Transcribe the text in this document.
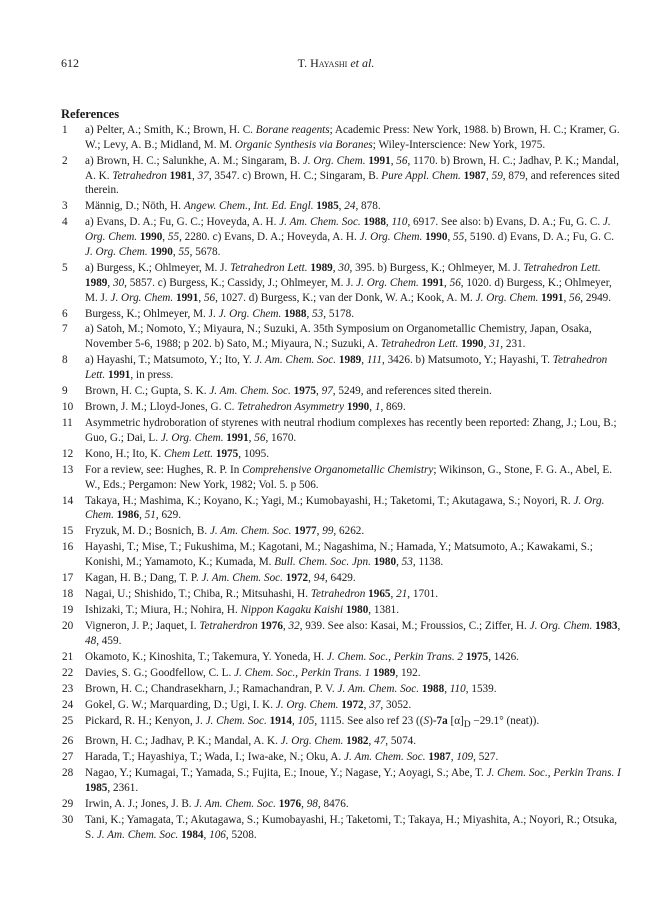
612	T. Hayashi et al.
References
1	a) Pelter, A.; Smith, K.; Brown, H. C. Borane reagents; Academic Press: New York, 1988. b) Brown, H. C.; Kramer, G. W.; Levy, A. B.; Midland, M. M. Organic Synthesis via Boranes; Wiley-Interscience: New York, 1975.
2	a) Brown, H. C.; Salunkhe, A. M.; Singaram, B. J. Org. Chem. 1991, 56, 1170. b) Brown, H. C.; Jadhav, P. K.; Mandal, A. K. Tetrahedron 1981, 37, 3547. c) Brown, H. C.; Singaram, B. Pure Appl. Chem. 1987, 59, 879, and references sited therein.
3	Männig, D.; Nöth, H. Angew. Chem., Int. Ed. Engl. 1985, 24, 878.
4	a) Evans, D. A.; Fu, G. C.; Hoveyda, A. H. J. Am. Chem. Soc. 1988, 110, 6917. See also: b) Evans, D. A.; Fu, G. C. J. Org. Chem. 1990, 55, 2280. c) Evans, D. A.; Hoveyda, A. H. J. Org. Chem. 1990, 55, 5190. d) Evans, D. A.; Fu, G. C. J. Org. Chem. 1990, 55, 5678.
5	a) Burgess, K.; Ohlmeyer, M. J. Tetrahedron Lett. 1989, 30, 395. b) Burgess, K.; Ohlmeyer, M. J. Tetrahedron Lett. 1989, 30, 5857. c) Burgess, K.; Cassidy, J.; Ohlmeyer, M. J. J. Org. Chem. 1991, 56, 1020. d) Burgess, K.; Ohlmeyer, M. J. J. Org. Chem. 1991, 56, 1027. d) Burgess, K.; van der Donk, W. A.; Kook, A. M. J. Org. Chem. 1991, 56, 2949.
6	Burgess, K.; Ohlmeyer, M. J. J. Org. Chem. 1988, 53, 5178.
7	a) Satoh, M.; Nomoto, Y.; Miyaura, N.; Suzuki, A. 35th Symposium on Organometallic Chemistry, Japan, Osaka, November 5-6, 1988; p 202. b) Sato, M.; Miyaura, N.; Suzuki, A. Tetrahedron Lett. 1990, 31, 231.
8	a) Hayashi, T.; Matsumoto, Y.; Ito, Y. J. Am. Chem. Soc. 1989, 111, 3426. b) Matsumoto, Y.; Hayashi, T. Tetrahedron Lett. 1991, in press.
9	Brown, H. C.; Gupta, S. K. J. Am. Chem. Soc. 1975, 97, 5249, and references sited therein.
10	Brown, J. M.; Lloyd-Jones, G. C. Tetrahedron Asymmetry 1990, 1, 869.
11	Asymmetric hydroboration of styrenes with neutral rhodium complexes has recently been reported: Zhang, J.; Lou, B.; Guo, G.; Dai, L. J. Org. Chem. 1991, 56, 1670.
12	Kono, H.; Ito, K. Chem Lett. 1975, 1095.
13	For a review, see: Hughes, R. P. In Comprehensive Organometallic Chemistry; Wikinson, G., Stone, F. G. A., Abel, E. W., Eds.; Pergamon: New York, 1982; Vol. 5. p 506.
14	Takaya, H.; Mashima, K.; Koyano, K.; Yagi, M.; Kumobayashi, H.; Taketomi, T.; Akutagawa, S.; Noyori, R. J. Org. Chem. 1986, 51, 629.
15	Fryzuk, M. D.; Bosnich, B. J. Am. Chem. Soc. 1977, 99, 6262.
16	Hayashi, T.; Mise, T.; Fukushima, M.; Kagotani, M.; Nagashima, N.; Hamada, Y.; Matsumoto, A.; Kawakami, S.; Konishi, M.; Yamamoto, K.; Kumada, M. Bull. Chem. Soc. Jpn. 1980, 53, 1138.
17	Kagan, H. B.; Dang, T. P. J. Am. Chem. Soc. 1972, 94, 6429.
18	Nagai, U.; Shishido, T.; Chiba, R.; Mitsuhashi, H. Tetrahedron 1965, 21, 1701.
19	Ishizaki, T.; Miura, H.; Nohira, H. Nippon Kagaku Kaishi 1980, 1381.
20	Vigneron, J. P.; Jaquet, I. Tetraherdron 1976, 32, 939. See also: Kasai, M.; Froussios, C.; Ziffer, H. J. Org. Chem. 1983, 48, 459.
21	Okamoto, K.; Kinoshita, T.; Takemura, Y. Yoneda, H. J. Chem. Soc., Perkin Trans. 2 1975, 1426.
22	Davies, S. G.; Goodfellow, C. L. J. Chem. Soc., Perkin Trans. 1 1989, 192.
23	Brown, H. C.; Chandrasekharn, J.; Ramachandran, P. V. J. Am. Chem. Soc. 1988, 110, 1539.
24	Gokel, G. W.; Marquarding, D.; Ugi, I. K. J. Org. Chem. 1972, 37, 3052.
25	Pickard, R. H.; Kenyon, J. J. Chem. Soc. 1914, 105, 1115. See also ref 23 ((S)-7a $[\alpha]_D -29.1^\circ$ (neat)).
26	Brown, H. C.; Jadhav, P. K.; Mandal, A. K. J. Org. Chem. 1982, 47, 5074.
27	Harada, T.; Hayashiya, T.; Wada, I.; Iwa-ake, N.; Oku, A. J. Am. Chem. Soc. 1987, 109, 527.
28	Nagao, Y.; Kumagai, T.; Yamada, S.; Fujita, E.; Inoue, Y.; Nagase, Y.; Aoyagi, S.; Abe, T. J. Chem. Soc., Perkin Trans. I 1985, 2361.
29	Irwin, A. J.; Jones, J. B. J. Am. Chem. Soc. 1976, 98, 8476.
30	Tani, K.; Yamagata, T.; Akutagawa, S.; Kumobayashi, H.; Taketomi, T.; Takaya, H.; Miyashita, A.; Noyori, R.; Otsuka, S. J. Am. Chem. Soc. 1984, 106, 5208.
